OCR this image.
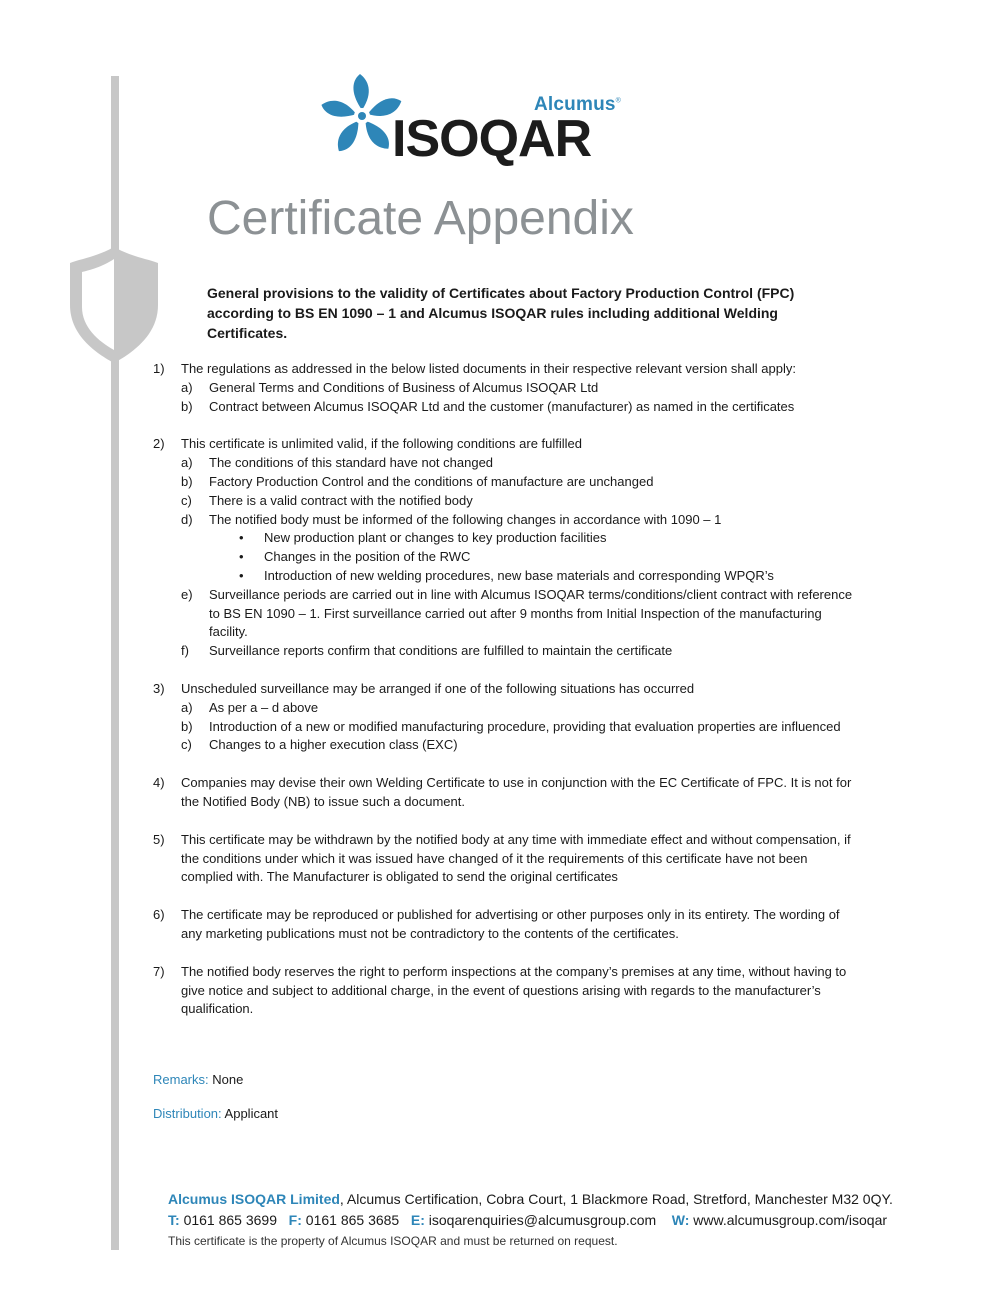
Alcumus®
ISOQAR
Certificate Appendix
General provisions to the validity of Certificates about Factory Production Control (FPC) according to BS EN 1090 – 1 and Alcumus ISOQAR rules including additional Welding Certificates.
1) The regulations as addressed in the below listed documents in their respective relevant version shall apply:
a) General Terms and Conditions of Business of Alcumus ISOQAR Ltd
b) Contract between Alcumus ISOQAR Ltd and the customer (manufacturer) as named in the certificates
2) This certificate is unlimited valid, if the following conditions are fulfilled
a) The conditions of this standard have not changed
b) Factory Production Control and the conditions of manufacture are unchanged
c) There is a valid contract with the notified body
d) The notified body must be informed of the following changes in accordance with 1090 – 1
• New production plant or changes to key production facilities
• Changes in the position of the RWC
• Introduction of new welding procedures, new base materials and corresponding WPQR’s
e) Surveillance periods are carried out in line with Alcumus ISOQAR terms/conditions/client contract with reference to BS EN 1090 – 1. First surveillance carried out after 9 months from Initial Inspection of the manufacturing facility.
f) Surveillance reports confirm that conditions are fulfilled to maintain the certificate
3) Unscheduled surveillance may be arranged if one of the following situations has occurred
a) As per a – d above
b) Introduction of a new or modified manufacturing procedure, providing that evaluation properties are influenced
c) Changes to a higher execution class (EXC)
4) Companies may devise their own Welding Certificate to use in conjunction with the EC Certificate of FPC. It is not for the Notified Body (NB) to issue such a document.
5) This certificate may be withdrawn by the notified body at any time with immediate effect and without compensation, if the conditions under which it was issued have changed of it the requirements of this certificate have not been complied with. The Manufacturer is obligated to send the original certificates
6) The certificate may be reproduced or published for advertising or other purposes only in its entirety. The wording of any marketing publications must not be contradictory to the contents of the certificates.
7) The notified body reserves the right to perform inspections at the company’s premises at any time, without having to give notice and subject to additional charge, in the event of questions arising with regards to the manufacturer’s qualification.
Remarks: None
Distribution: Applicant
Alcumus ISOQAR Limited, Alcumus Certification, Cobra Court, 1 Blackmore Road, Stretford, Manchester M32 0QY.
T: 0161 865 3699 F: 0161 865 3685 E: isoqarenquiries@alcumusgroup.com W: www.alcumusgroup.com/isoqar
This certificate is the property of Alcumus ISOQAR and must be returned on request.
